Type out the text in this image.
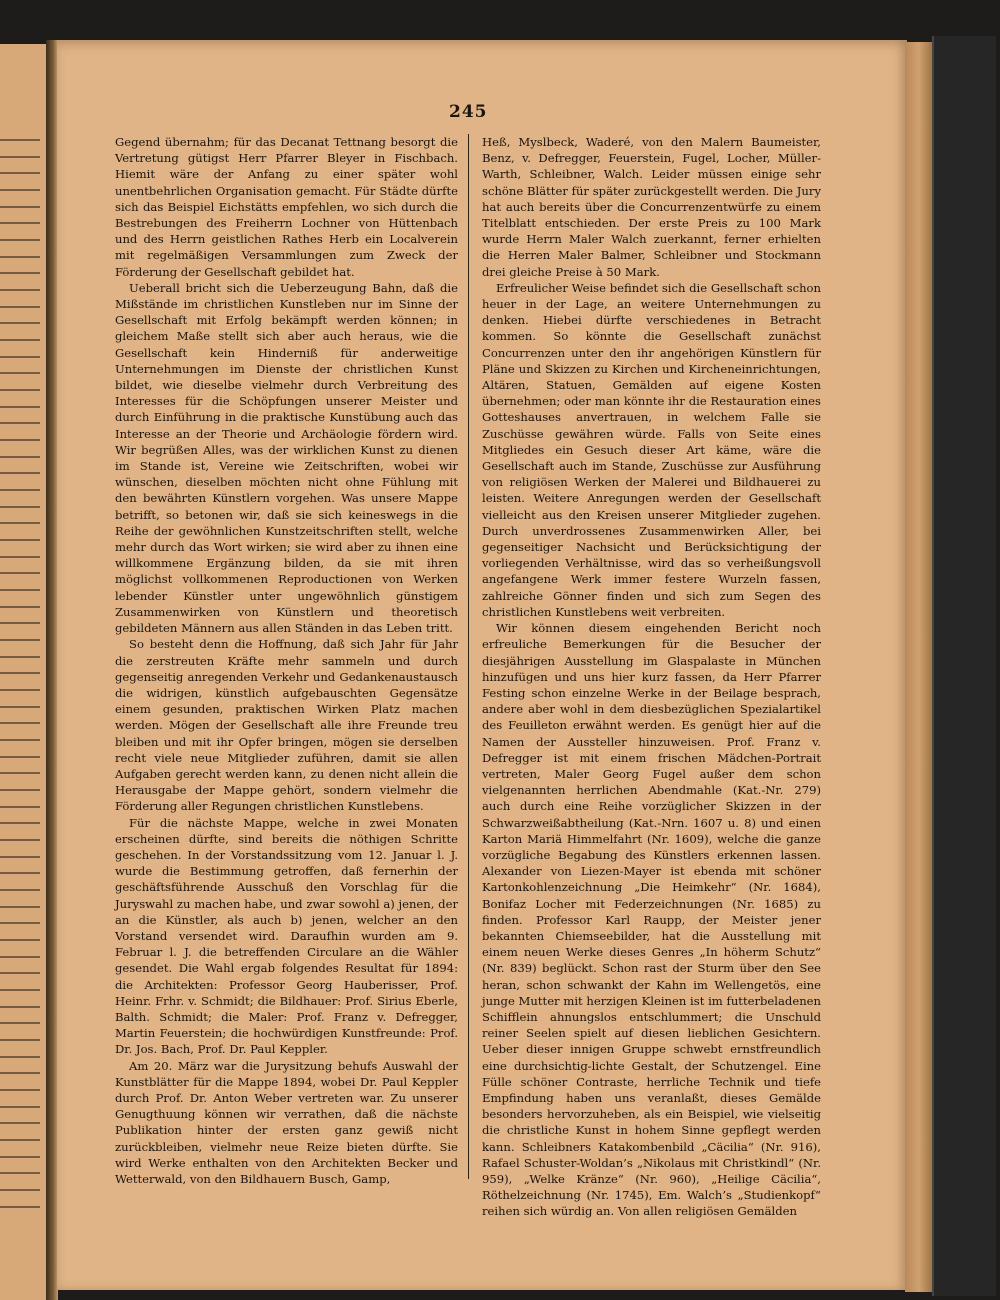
245

Gegend übernahm; für das Decanat Tettnang besorgt die Vertretung gütigst Herr Pfarrer Bleyer in Fischbach. Hiemit wäre der Anfang zu einer später wohl unentbehrlichen Organisation gemacht. Für Städte dürfte sich das Beispiel Eichstätts empfehlen, wo sich durch die Bestrebungen des Freiherrn Lochner von Hüttenbach und des Herrn geistlichen Rathes Herb ein Localverein mit regelmäßigen Versammlungen zum Zweck der Förderung der Gesellschaft gebildet hat.

Ueberall bricht sich die Ueberzeugung Bahn, daß die Mißstände im christlichen Kunstleben nur im Sinne der Gesellschaft mit Erfolg bekämpft werden können; in gleichem Maße stellt sich aber auch heraus, wie die Gesellschaft kein Hinderniß für anderweitige Unternehmungen im Dienste der christlichen Kunst bildet, wie dieselbe vielmehr durch Verbreitung des Interesses für die Schöpfungen unserer Meister und durch Einführung in die praktische Kunstübung auch das Interesse an der Theorie und Archäologie fördern wird. Wir begrüßen Alles, was der wirklichen Kunst zu dienen im Stande ist, Vereine wie Zeitschriften, wobei wir wünschen, dieselben möchten nicht ohne Fühlung mit den bewährten Künstlern vorgehen. Was unsere Mappe betrifft, so betonen wir, daß sie sich keineswegs in die Reihe der gewöhnlichen Kunstzeitschriften stellt, welche mehr durch das Wort wirken; sie wird aber zu ihnen eine willkommene Ergänzung bilden, da sie mit ihren möglichst vollkommenen Reproductionen von Werken lebender Künstler unter ungewöhnlich günstigem Zusammenwirken von Künstlern und theoretisch gebildeten Männern aus allen Ständen in das Leben tritt.

So besteht denn die Hoffnung, daß sich Jahr für Jahr die zerstreuten Kräfte mehr sammeln und durch gegenseitig anregenden Verkehr und Gedankenaustausch die widrigen, künstlich aufgebauschten Gegensätze einem gesunden, praktischen Wirken Platz machen werden. Mögen der Gesellschaft alle ihre Freunde treu bleiben und mit ihr Opfer bringen, mögen sie derselben recht viele neue Mitglieder zuführen, damit sie allen Aufgaben gerecht werden kann, zu denen nicht allein die Herausgabe der Mappe gehört, sondern vielmehr die Förderung aller Regungen christlichen Kunstlebens.

Für die nächste Mappe, welche in zwei Monaten erscheinen dürfte, sind bereits die nöthigen Schritte geschehen. In der Vorstandssitzung vom 12. Januar l. J. wurde die Bestimmung getroffen, daß fernerhin der geschäftsführende Ausschuß den Vorschlag für die Juryswahl zu machen habe, und zwar sowohl a) jenen, der an die Künstler, als auch b) jenen, welcher an den Vorstand versendet wird. Daraufhin wurden am 9. Februar l. J. die betreffenden Circulare an die Wähler gesendet. Die Wahl ergab folgendes Resultat für 1894: die Architekten: Professor Georg Hauberisser, Prof. Heinr. Frhr. v. Schmidt; die Bildhauer: Prof. Sirius Eberle, Balth. Schmidt; die Maler: Prof. Franz v. Defregger, Martin Feuerstein; die hochwürdigen Kunstfreunde: Prof. Dr. Jos. Bach, Prof. Dr. Paul Keppler.

Am 20. März war die Jurysitzung behufs Auswahl der Kunstblätter für die Mappe 1894, wobei Dr. Paul Keppler durch Prof. Dr. Anton Weber vertreten war. Zu unserer Genugthuung können wir verrathen, daß die nächste Publikation hinter der ersten ganz gewiß nicht zurückbleiben, vielmehr neue Reize bieten dürfte. Sie wird Werke enthalten von den Architekten Becker und Wetterwald, von den Bildhauern Busch, Gamp,

Heß, Myslbeck, Waderé, von den Malern Baumeister, Benz, v. Defregger, Feuerstein, Fugel, Locher, Müller-Warth, Schleibner, Walch. Leider müssen einige sehr schöne Blätter für später zurückgestellt werden. Die Jury hat auch bereits über die Concurrenzentwürfe zu einem Titelblatt entschieden. Der erste Preis zu 100 Mark wurde Herrn Maler Walch zuerkannt, ferner erhielten die Herren Maler Balmer, Schleibner und Stockmann drei gleiche Preise à 50 Mark.

Erfreulicher Weise befindet sich die Gesellschaft schon heuer in der Lage, an weitere Unternehmungen zu denken. Hiebei dürfte verschiedenes in Betracht kommen. So könnte die Gesellschaft zunächst Concurrenzen unter den ihr angehörigen Künstlern für Pläne und Skizzen zu Kirchen und Kircheneinrichtungen, Altären, Statuen, Gemälden auf eigene Kosten übernehmen; oder man könnte ihr die Restauration eines Gotteshauses anvertrauen, in welchem Falle sie Zuschüsse gewähren würde. Falls von Seite eines Mitgliedes ein Gesuch dieser Art käme, wäre die Gesellschaft auch im Stande, Zuschüsse zur Ausführung von religiösen Werken der Malerei und Bildhauerei zu leisten. Weitere Anregungen werden der Gesellschaft vielleicht aus den Kreisen unserer Mitglieder zugehen. Durch unverdrossenes Zusammenwirken Aller, bei gegenseitiger Nachsicht und Berücksichtigung der vorliegenden Verhältnisse, wird das so verheißungsvoll angefangene Werk immer festere Wurzeln fassen, zahlreiche Gönner finden und sich zum Segen des christlichen Kunstlebens weit verbreiten.

Wir können diesem eingehenden Bericht noch erfreuliche Bemerkungen für die Besucher der diesjährigen Ausstellung im Glaspalaste in München hinzufügen und uns hier kurz fassen, da Herr Pfarrer Festing schon einzelne Werke in der Beilage besprach, andere aber wohl in dem diesbezüglichen Spezialartikel des Feuilleton erwähnt werden. Es genügt hier auf die Namen der Aussteller hinzuweisen. Prof. Franz v. Defregger ist mit einem frischen Mädchen-Portrait vertreten, Maler Georg Fugel außer dem schon vielgenannten herrlichen Abendmahle (Kat.-Nr. 279) auch durch eine Reihe vorzüglicher Skizzen in der Schwarzweißabtheilung (Kat.-Nrn. 1607 u. 8) und einen Karton Mariä Himmelfahrt (Nr. 1609), welche die ganze vorzügliche Begabung des Künstlers erkennen lassen. Alexander von Liezen-Mayer ist ebenda mit schöner Kartonkohlenzeichnung „Die Heimkehr“ (Nr. 1684), Bonifaz Locher mit Federzeichnungen (Nr. 1685) zu finden. Professor Karl Raupp, der Meister jener bekannten Chiemseebilder, hat die Ausstellung mit einem neuen Werke dieses Genres „In höherm Schutz“ (Nr. 839) beglückt. Schon rast der Sturm über den See heran, schon schwankt der Kahn im Wellengetös, eine junge Mutter mit herzigen Kleinen ist im futterbeladenen Schifflein ahnungslos entschlummert; die Unschuld reiner Seelen spielt auf diesen lieblichen Gesichtern. Ueber dieser innigen Gruppe schwebt ernstfreundlich eine durchsichtig-lichte Gestalt, der Schutzengel. Eine Fülle schöner Contraste, herrliche Technik und tiefe Empfindung haben uns veranlaßt, dieses Gemälde besonders hervorzuheben, als ein Beispiel, wie vielseitig die christliche Kunst in hohem Sinne gepflegt werden kann. Schleibners Katakombenbild „Cäcilia“ (Nr. 916), Rafael Schuster-Woldan’s „Nikolaus mit Christkindl“ (Nr. 959), „Welke Kränze“ (Nr. 960), „Heilige Cäcilia“, Röthelzeichnung (Nr. 1745), Em. Walch’s „Studienkopf“ reihen sich würdig an. Von allen religiösen Gemälden
